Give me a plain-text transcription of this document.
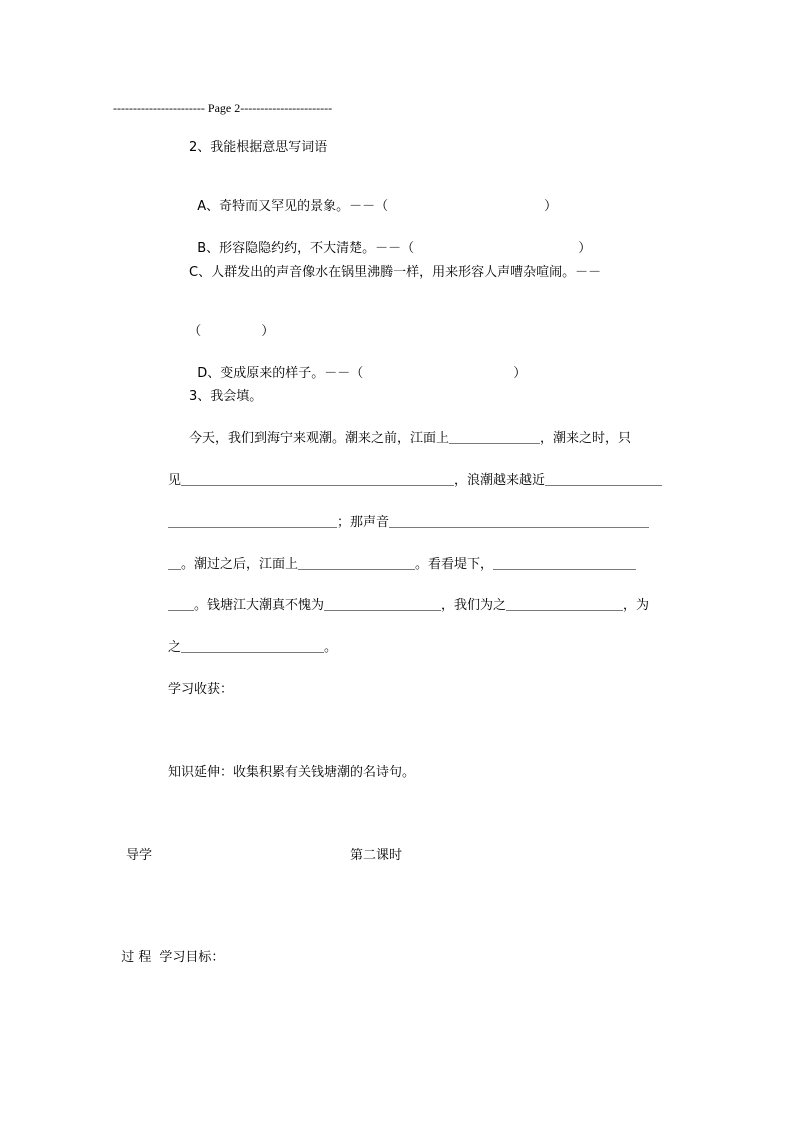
----------------------- Page 2-----------------------
2、我能根据意思写词语

A、奇特而又罕见的景象。－－（	）

B、形容隐隐约约，不大清楚。－－（	）

C、人群发出的声音像水在锅里沸腾一样，用来形容人声嘈杂喧闹。－－

（	）

D、变成原来的样子。－－（	）

3、我会填。
今天，我们到海宁来观潮。潮来之前，江面上＿＿＿＿＿＿＿，潮来之时，只
见＿＿＿＿＿＿＿＿＿＿＿＿＿＿＿＿＿＿＿＿＿，浪潮越来越近＿＿＿＿＿＿＿＿＿
＿＿＿＿＿＿＿＿＿＿＿＿＿；那声音＿＿＿＿＿＿＿＿＿＿＿＿＿＿＿＿＿＿＿＿
＿。潮过之后，江面上＿＿＿＿＿＿＿＿＿。看看堤下，＿＿＿＿＿＿＿＿＿＿＿
＿＿。钱塘江大潮真不愧为＿＿＿＿＿＿＿＿＿，我们为之＿＿＿＿＿＿＿＿＿，为
之＿＿＿＿＿＿＿＿＿＿＿。
学习收获：
知识延伸：收集积累有关钱塘潮的名诗句。
导学	第二课时

过 程 学习目标：
